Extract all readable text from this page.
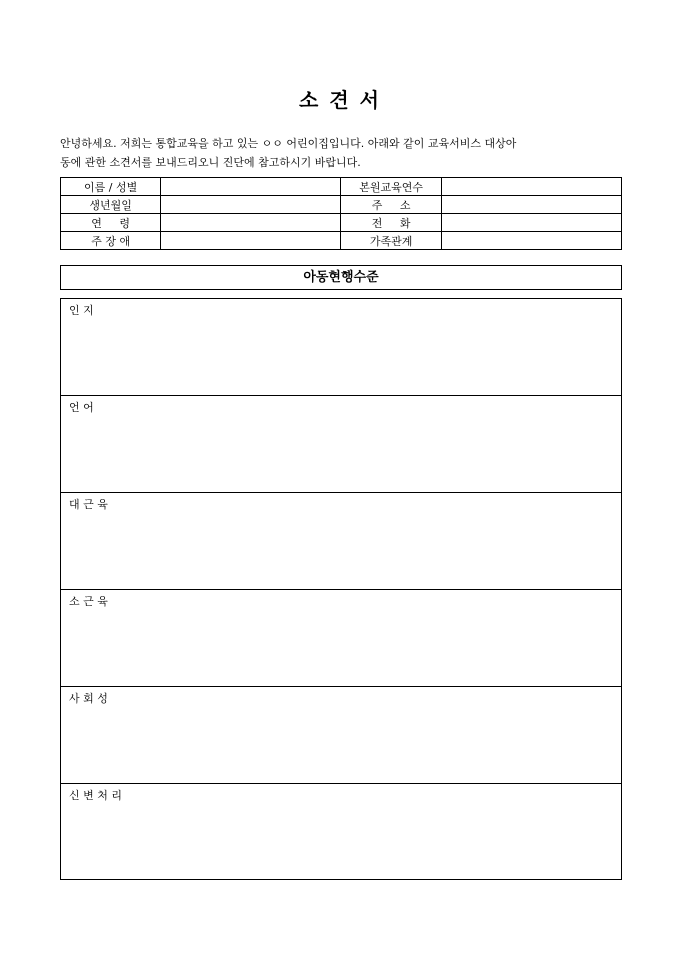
소 견 서

안녕하세요. 저희는 통합교육을 하고 있는 ㅇㅇ 어린이집입니다. 아래와 같이 교육서비스 대상아

동에 관한 소견서를 보내드리오니 진단에 참고하시기 바랍니다.

이름 / 성별		본원교육연수	
생년월일		주     소	
연     령		전     화	
주 장 애		가족관계	
아동현행수준
인 지
언 어
대 근 육
소 근 육
사 회 성
신 변 처 리
